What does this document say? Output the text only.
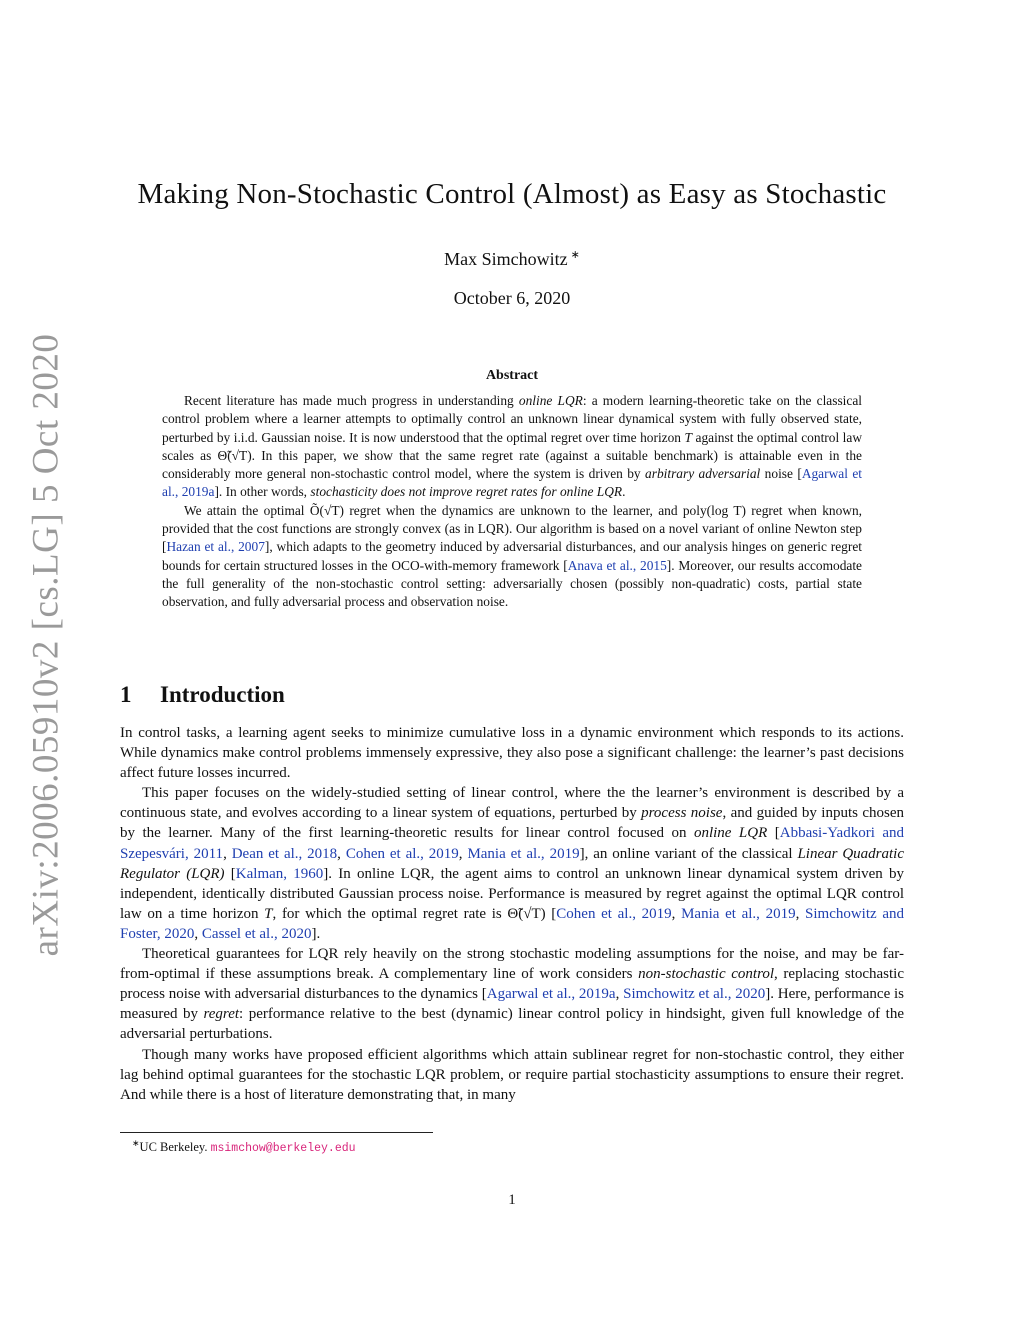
arXiv:2006.05910v2 [cs.LG] 5 Oct 2020
Making Non-Stochastic Control (Almost) as Easy as Stochastic
Max Simchowitz ∗
October 6, 2020
Abstract

Recent literature has made much progress in understanding online LQR: a modern learning-theoretic take on the classical control problem where a learner attempts to optimally control an unknown linear dynamical system with fully observed state, perturbed by i.i.d. Gaussian noise. It is now understood that the optimal regret over time horizon T against the optimal control law scales as Θ̃(√T). In this paper, we show that the same regret rate (against a suitable benchmark) is attainable even in the considerably more general non-stochastic control model, where the system is driven by arbitrary adversarial noise [Agarwal et al., 2019a]. In other words, stochasticity does not improve regret rates for online LQR.

We attain the optimal Õ(√T) regret when the dynamics are unknown to the learner, and poly(log T) regret when known, provided that the cost functions are strongly convex (as in LQR). Our algorithm is based on a novel variant of online Newton step [Hazan et al., 2007], which adapts to the geometry induced by adversarial disturbances, and our analysis hinges on generic regret bounds for certain structured losses in the OCO-with-memory framework [Anava et al., 2015]. Moreover, our results accomodate the full generality of the non-stochastic control setting: adversarially chosen (possibly non-quadratic) costs, partial state observation, and fully adversarial process and observation noise.

1 Introduction

In control tasks, a learning agent seeks to minimize cumulative loss in a dynamic environment which responds to its actions. While dynamics make control problems immensely expressive, they also pose a significant challenge: the learner’s past decisions affect future losses incurred.

This paper focuses on the widely-studied setting of linear control, where the the learner’s environment is described by a continuous state, and evolves according to a linear system of equations, perturbed by process noise, and guided by inputs chosen by the learner. Many of the first learning-theoretic results for linear control focused on online LQR [Abbasi-Yadkori and Szepesvári, 2011, Dean et al., 2018, Cohen et al., 2019, Mania et al., 2019], an online variant of the classical Linear Quadratic Regulator (LQR) [Kalman, 1960]. In online LQR, the agent aims to control an unknown linear dynamical system driven by independent, identically distributed Gaussian process noise. Performance is measured by regret against the optimal LQR control law on a time horizon T, for which the optimal regret rate is Θ̃(√T) [Cohen et al., 2019, Mania et al., 2019, Simchowitz and Foster, 2020, Cassel et al., 2020].

Theoretical guarantees for LQR rely heavily on the strong stochastic modeling assumptions for the noise, and may be far-from-optimal if these assumptions break. A complementary line of work considers non-stochastic control, replacing stochastic process noise with adversarial disturbances to the dynamics [Agarwal et al., 2019a, Simchowitz et al., 2020]. Here, performance is measured by regret: performance relative to the best (dynamic) linear control policy in hindsight, given full knowledge of the adversarial perturbations.

Though many works have proposed efficient algorithms which attain sublinear regret for non-stochastic control, they either lag behind optimal guarantees for the stochastic LQR problem, or require partial stochasticity assumptions to ensure their regret. And while there is a host of literature demonstrating that, in many

∗UC Berkeley. msimchow@berkeley.edu
1
